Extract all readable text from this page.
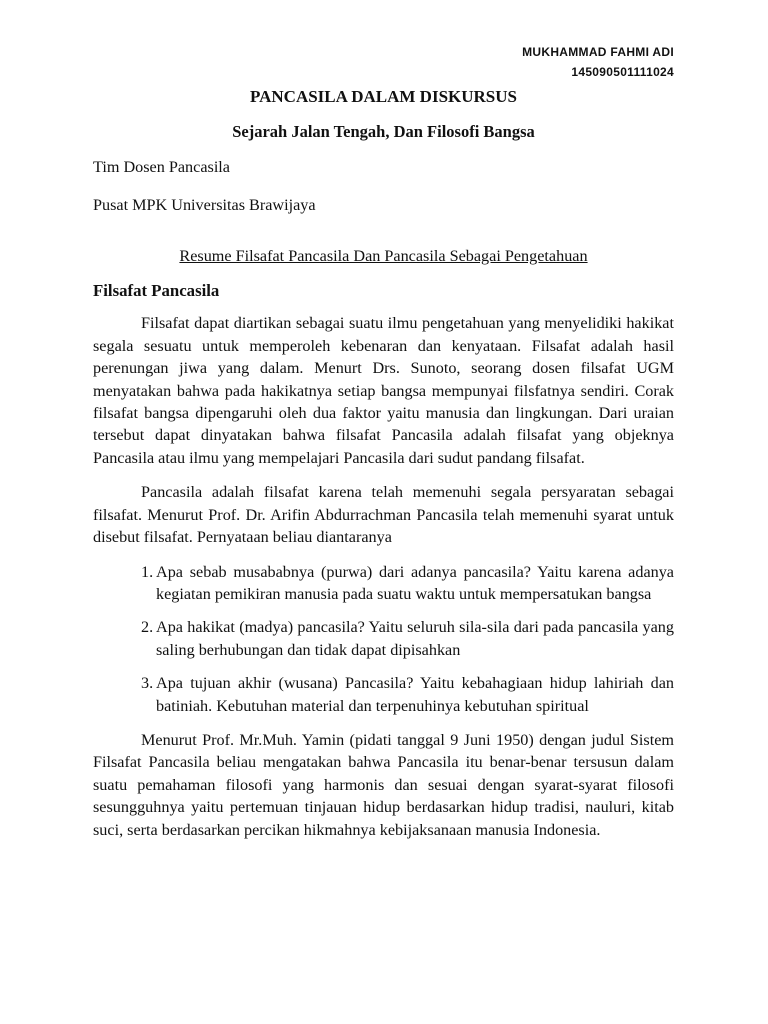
MUKHAMMAD FAHMI ADI
145090501111024
PANCASILA DALAM DISKURSUS
Sejarah Jalan Tengah, Dan Filosofi Bangsa
Tim Dosen Pancasila
Pusat MPK Universitas Brawijaya
Resume Filsafat Pancasila Dan Pancasila Sebagai Pengetahuan
Filsafat Pancasila

Filsafat dapat diartikan sebagai suatu ilmu pengetahuan yang menyelidiki hakikat segala sesuatu untuk memperoleh kebenaran dan kenyataan. Filsafat adalah hasil perenungan jiwa yang dalam. Menurt Drs. Sunoto, seorang dosen filsafat UGM menyatakan bahwa pada hakikatnya setiap bangsa mempunyai filsfatnya sendiri. Corak filsafat bangsa dipengaruhi oleh dua faktor yaitu manusia dan lingkungan. Dari uraian tersebut dapat dinyatakan bahwa filsafat Pancasila adalah filsafat yang objeknya Pancasila atau ilmu yang mempelajari Pancasila dari sudut pandang filsafat.

Pancasila adalah filsafat karena telah memenuhi segala persyaratan sebagai filsafat. Menurut Prof. Dr. Arifin Abdurrachman Pancasila telah memenuhi syarat untuk disebut filsafat. Pernyataan beliau diantaranya

1. Apa sebab musababnya (purwa) dari adanya pancasila? Yaitu karena adanya kegiatan pemikiran manusia pada suatu waktu untuk mempersatukan bangsa
2. Apa hakikat (madya) pancasila? Yaitu seluruh sila-sila dari pada pancasila yang saling berhubungan dan tidak dapat dipisahkan
3. Apa tujuan akhir (wusana) Pancasila? Yaitu kebahagiaan hidup lahiriah dan batiniah. Kebutuhan material dan terpenuhinya kebutuhan spiritual

Menurut Prof. Mr.Muh. Yamin (pidati tanggal 9 Juni 1950) dengan judul Sistem Filsafat Pancasila beliau mengatakan bahwa Pancasila itu benar-benar tersusun dalam suatu pemahaman filosofi yang harmonis dan sesuai dengan syarat-syarat filosofi sesungguhnya yaitu pertemuan tinjauan hidup berdasarkan hidup tradisi, nauluri, kitab suci, serta berdasarkan percikan hikmahnya kebijaksanaan manusia Indonesia.
